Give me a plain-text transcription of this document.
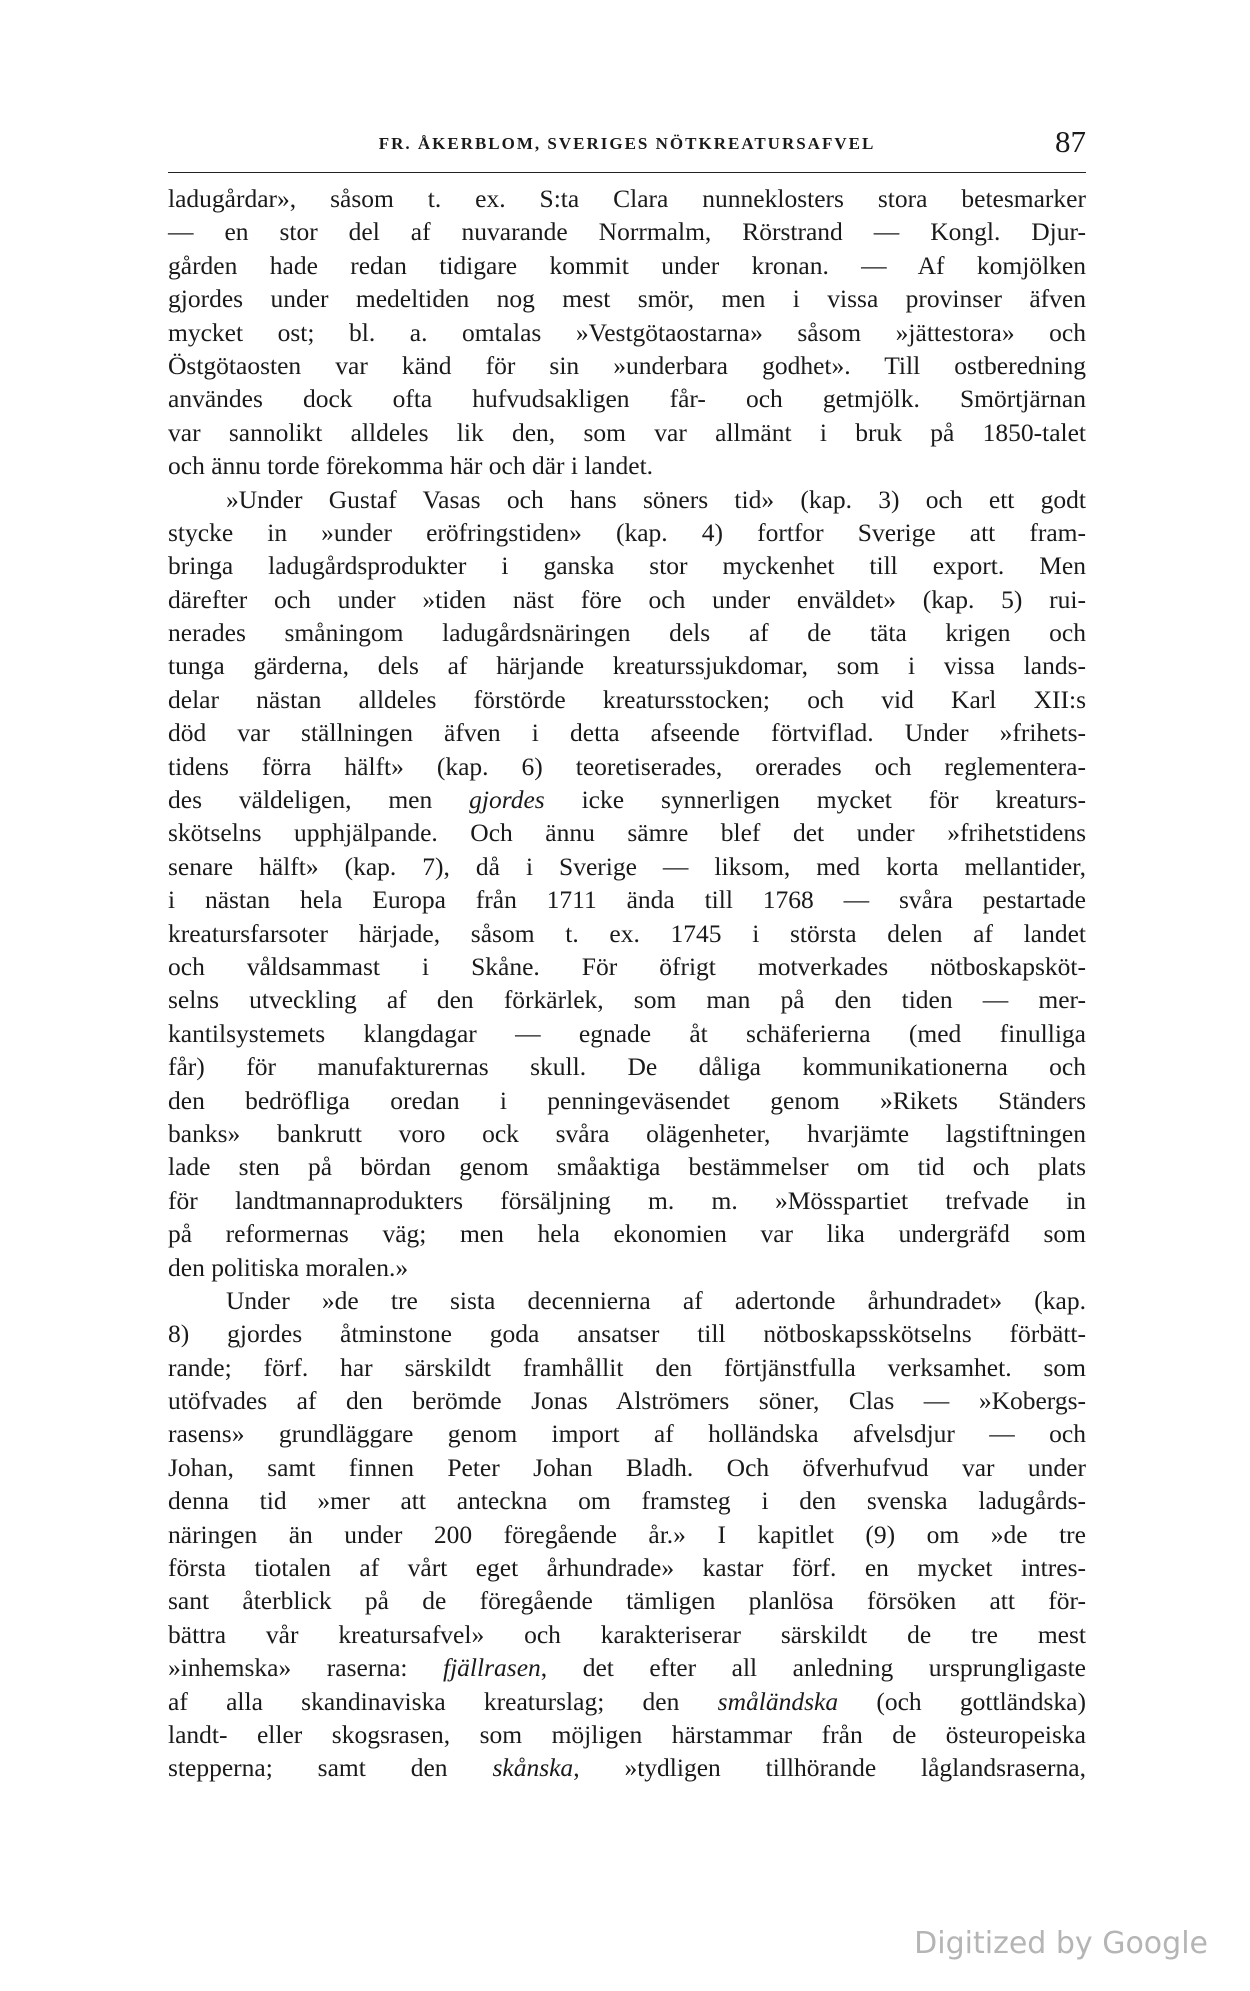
FR. ÅKERBLOM, SVERIGES NÖTKREATURSAFVEL	87
ladugårdar», såsom t. ex. S:ta Clara nunneklosters stora betesmarker
— en stor del af nuvarande Norrmalm, Rörstrand — Kongl. Djur-
gården hade redan tidigare kommit under kronan. — Af komjölken
gjordes under medeltiden nog mest smör, men i vissa provinser äfven
mycket ost; bl. a. omtalas »Vestgötaostarna» såsom »jättestora» och
Östgötaosten var känd för sin »underbara godhet». Till ostberedning
användes dock ofta hufvudsakligen får- och getmjölk. Smörtjärnan
var sannolikt alldeles lik den, som var allmänt i bruk på 1850-talet
och ännu torde förekomma här och där i landet.
»Under Gustaf Vasas och hans söners tid» (kap. 3) och ett godt
stycke in »under eröfringstiden» (kap. 4) fortfor Sverige att fram-
bringa ladugårdsprodukter i ganska stor myckenhet till export. Men
därefter och under »tiden näst före och under enväldet» (kap. 5) rui-
nerades småningom ladugårdsnäringen dels af de täta krigen och
tunga gärderna, dels af härjande kreaturssjukdomar, som i vissa lands-
delar nästan alldeles förstörde kreatursstocken; och vid Karl XII:s
död var ställningen äfven i detta afseende förtviflad. Under »frihets-
tidens förra hälft» (kap. 6) teoretiserades, orerades och reglementera-
des väldeligen, men gjordes icke synnerligen mycket för kreaturs-
skötselns upphjälpande. Och ännu sämre blef det under »frihetstidens
senare hälft» (kap. 7), då i Sverige — liksom, med korta mellantider,
i nästan hela Europa från 1711 ända till 1768 — svåra pestartade
kreatursfarsoter härjade, såsom t. ex. 1745 i största delen af landet
och våldsammast i Skåne. För öfrigt motverkades nötboskapsköt-
selns utveckling af den förkärlek, som man på den tiden — mer-
kantilsystemets klangdagar — egnade åt schäferierna (med finulliga
får) för manufakturernas skull. De dåliga kommunikationerna och
den bedröfliga oredan i penningeväsendet genom »Rikets Ständers
banks» bankrutt voro ock svåra olägenheter, hvarjämte lagstiftningen
lade sten på bördan genom småaktiga bestämmelser om tid och plats
för landtmannaprodukters försäljning m. m. »Mösspartiet trefvade in
på reformernas väg; men hela ekonomien var lika undergräfd som
den politiska moralen.»
Under »de tre sista decennierna af adertonde århundradet» (kap.
8) gjordes åtminstone goda ansatser till nötboskapsskötselns förbätt-
rande; förf. har särskildt framhållit den förtjänstfulla verksamhet. som
utöfvades af den berömde Jonas Alströmers söner, Clas — »Kobergs-
rasens» grundläggare genom import af holländska afvelsdjur — och
Johan, samt finnen Peter Johan Bladh. Och öfverhufvud var under
denna tid »mer att anteckna om framsteg i den svenska ladugårds-
näringen än under 200 föregående år.» I kapitlet (9) om »de tre
första tiotalen af vårt eget århundrade» kastar förf. en mycket intres-
sant återblick på de föregående tämligen planlösa försöken att för-
bättra vår kreatursafvel» och karakteriserar särskildt de tre mest
»inhemska» raserna: fjällrasen, det efter all anledning ursprungligaste
af alla skandinaviska kreaturslag; den småländska (och gottländska)
landt- eller skogsrasen, som möjligen härstammar från de östeuropeiska
stepperna; samt den skånska, »tydligen tillhörande låglandsraserna,
Digitized by Google
